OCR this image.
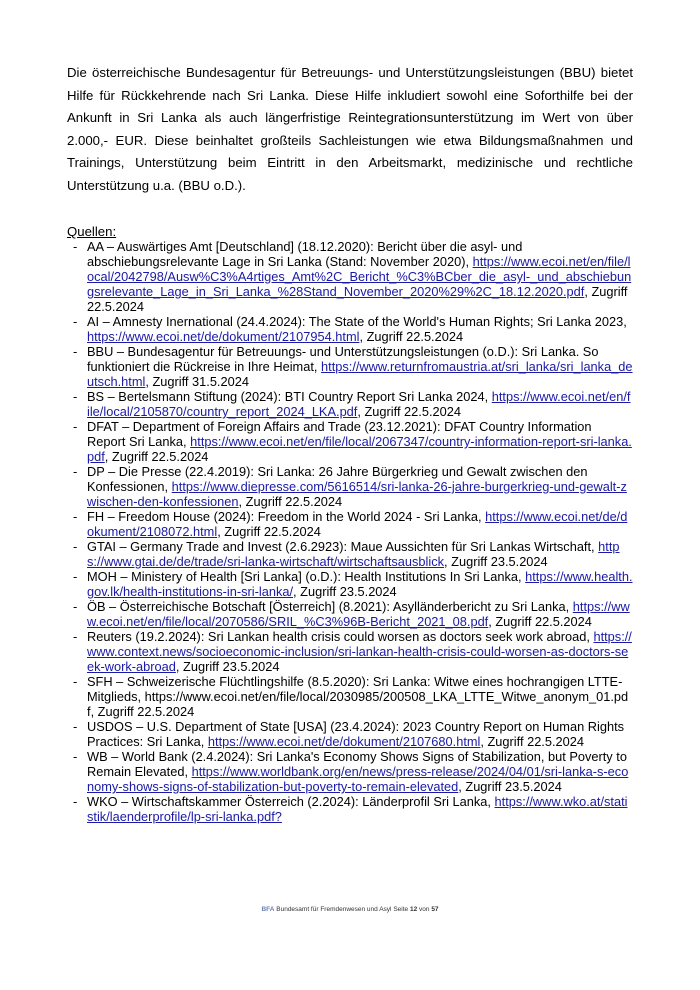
Die österreichische Bundesagentur für Betreuungs- und Unterstützungsleistungen (BBU) bietet Hilfe für Rückkehrende nach Sri Lanka. Diese Hilfe inkludiert sowohl eine Soforthilfe bei der Ankunft in Sri Lanka als auch längerfristige Reintegrationsunterstützung im Wert von über 2.000,- EUR. Diese beinhaltet großteils Sachleistungen wie etwa Bildungsmaßnahmen und Trainings, Unterstützung beim Eintritt in den Arbeitsmarkt, medizinische und rechtliche Unterstützung u.a. (BBU o.D.).

Quellen:

- AA – Auswärtiges Amt [Deutschland] (18.12.2020): Bericht über die asyl- und abschiebungsrelevante Lage in Sri Lanka (Stand: November 2020), https://www.ecoi.net/en/file/local/2042798/Ausw%C3%A4rtiges_Amt%2C_Bericht_%C3%BCber_die_asyl-_und_abschiebungsrelevante_Lage_in_Sri_Lanka_%28Stand_November_2020%29%2C_18.12.2020.pdf, Zugriff 22.5.2024
- AI – Amnesty Inernational (24.4.2024): The State of the World's Human Rights; Sri Lanka 2023, https://www.ecoi.net/de/dokument/2107954.html, Zugriff 22.5.2024
- BBU – Bundesagentur für Betreuungs- und Unterstützungsleistungen (o.D.): Sri Lanka. So funktioniert die Rückreise in Ihre Heimat, https://www.returnfromaustria.at/sri_lanka/sri_lanka_deutsch.html, Zugriff 31.5.2024
- BS – Bertelsmann Stiftung (2024): BTI Country Report Sri Lanka 2024, https://www.ecoi.net/en/file/local/2105870/country_report_2024_LKA.pdf, Zugriff 22.5.2024
- DFAT – Department of Foreign Affairs and Trade (23.12.2021): DFAT Country Information Report Sri Lanka, https://www.ecoi.net/en/file/local/2067347/country-information-report-sri-lanka.pdf, Zugriff 22.5.2024
- DP – Die Presse (22.4.2019): Sri Lanka: 26 Jahre Bürgerkrieg und Gewalt zwischen den Konfessionen, https://www.diepresse.com/5616514/sri-lanka-26-jahre-burgerkrieg-und-gewalt-zwischen-den-konfessionen, Zugriff 22.5.2024
- FH – Freedom House (2024): Freedom in the World 2024 - Sri Lanka, https://www.ecoi.net/de/dokument/2108072.html, Zugriff 22.5.2024
- GTAI – Germany Trade and Invest (2.6.2923): Maue Aussichten für Sri Lankas Wirtschaft, https://www.gtai.de/de/trade/sri-lanka-wirtschaft/wirtschaftsausblick, Zugriff 23.5.2024
- MOH – Ministery of Health [Sri Lanka] (o.D.): Health Institutions In Sri Lanka, https://www.health.gov.lk/health-institutions-in-sri-lanka/, Zugriff 23.5.2024
- ÖB – Österreichische Botschaft [Österreich] (8.2021): Asylländerbericht zu Sri Lanka, https://www.ecoi.net/en/file/local/2070586/SRIL_%C3%96B-Bericht_2021_08.pdf, Zugriff 22.5.2024
- Reuters (19.2.2024): Sri Lankan health crisis could worsen as doctors seek work abroad, https://www.context.news/socioeconomic-inclusion/sri-lankan-health-crisis-could-worsen-as-doctors-seek-work-abroad, Zugriff 23.5.2024
- SFH – Schweizerische Flüchtlingshilfe (8.5.2020): Sri Lanka: Witwe eines hochrangigen LTTE-Mitglieds, https://www.ecoi.net/en/file/local/2030985/200508_LKA_LTTE_Witwe_anonym_01.pdf, Zugriff 22.5.2024
- USDOS – U.S. Department of State [USA] (23.4.2024): 2023 Country Report on Human Rights Practices: Sri Lanka, https://www.ecoi.net/de/dokument/2107680.html, Zugriff 22.5.2024
- WB – World Bank (2.4.2024): Sri Lanka's Economy Shows Signs of Stabilization, but Poverty to Remain Elevated, https://www.worldbank.org/en/news/press-release/2024/04/01/sri-lanka-s-economy-shows-signs-of-stabilization-but-poverty-to-remain-elevated, Zugriff 23.5.2024
- WKO – Wirtschaftskammer Österreich (2.2024): Länderprofil Sri Lanka, https://www.wko.at/statistik/laenderprofile/lp-sri-lanka.pdf?
BFA Bundesamt für Fremdenwesen und Asyl Seite 12 von 57
